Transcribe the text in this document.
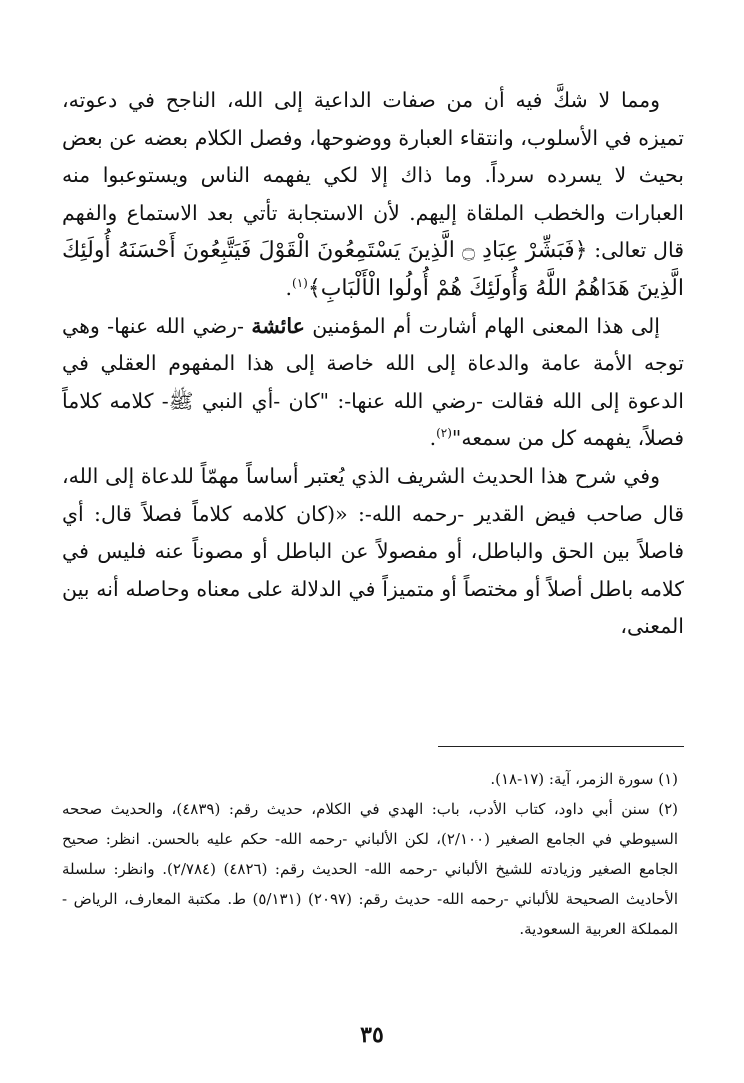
ومما لا شكَّ فيه أن من صفات الداعية إلى الله، الناجح في دعوته، تميزه في الأسلوب، وانتقاء العبارة ووضوحها، وفصل الكلام بعضه عن بعض بحيث لا يسرده سرداً. وما ذاك إلا لكي يفهمه الناس ويستوعبوا منه العبارات والخطب الملقاة إليهم. لأن الاستجابة تأتي بعد الاستماع والفهم قال تعالى: ﴿فَبَشِّرْ عِبَادِ ۝ الَّذِينَ يَسْتَمِعُونَ الْقَوْلَ فَيَتَّبِعُونَ أَحْسَنَهُ أُولَئِكَ الَّذِينَ هَدَاهُمُ اللَّهُ وَأُولَئِكَ هُمْ أُولُوا الْأَلْبَابِ﴾$^{(١)}$.

إلى هذا المعنى الهام أشارت أم المؤمنين عائشة -رضي الله عنها- وهي توجه الأمة عامة والدعاة إلى الله خاصة إلى هذا المفهوم العقلي في الدعوة إلى الله فقالت -رضي الله عنها-: "كان -أي النبي ﷺ- كلامه كلاماً فصلاً، يفهمه كل من سمعه"$^{(٢)}$.

وفي شرح هذا الحديث الشريف الذي يُعتبر أساساً مهمّاً للدعاة إلى الله، قال صاحب فيض القدير -رحمه الله-: «(كان كلامه كلاماً فصلاً قال: أي فاصلاً بين الحق والباطل، أو مفصولاً عن الباطل أو مصوناً عنه فليس في كلامه باطل أصلاً أو مختصاً أو متميزاً في الدلالة على معناه وحاصله أنه بين المعنى،

(١) سورة الزمر، آية: (١٧-١٨).

(٢) سنن أبي داود، كتاب الأدب، باب: الهدي في الكلام، حديث رقم: (٤٨٣٩)، والحديث صححه السيوطي في الجامع الصغير (٢/١٠٠)، لكن الألباني -رحمه الله- حكم عليه بالحسن. انظر: صحيح الجامع الصغير وزيادته للشيخ الألباني -رحمه الله- الحديث رقم: (٤٨٢٦) (٢/٧٨٤). وانظر: سلسلة الأحاديث الصحيحة للألباني -رحمه الله- حديث رقم: (٢٠٩٧) (٥/١٣١) ط. مكتبة المعارف، الرياض - المملكة العربية السعودية.

٣٥
